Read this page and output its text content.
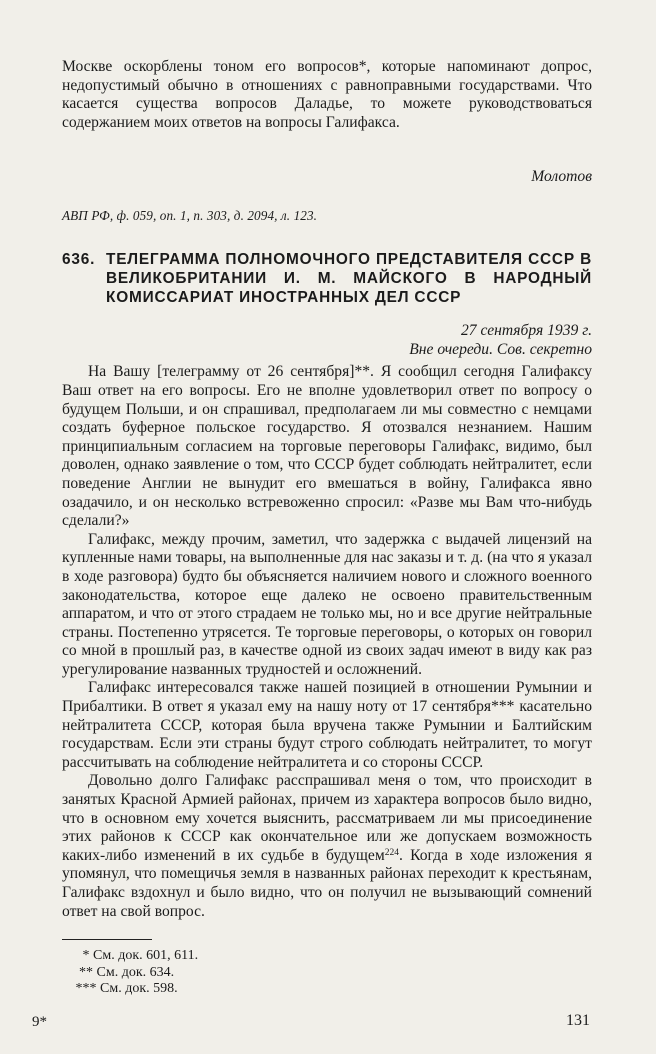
Москве оскорблены тоном его вопросов*, которые напоминают допрос, недопустимый обычно в отношениях с равноправными государствами. Что касается существа вопросов Даладье, то можете руководствоваться содержанием моих ответов на вопросы Галифакса.

Молотов

АВП РФ, ф. 059, оп. 1, п. 303, д. 2094, л. 123.
636. ТЕЛЕГРАММА ПОЛНОМОЧНОГО ПРЕДСТАВИТЕЛЯ СССР В ВЕЛИКОБРИТАНИИ И. М. МАЙСКОГО В НАРОДНЫЙ КОМИССАРИАТ ИНОСТРАННЫХ ДЕЛ СССР
27 сентября 1939 г.
Вне очереди. Сов. секретно

На Вашу [телеграмму от 26 сентября]**. Я сообщил сегодня Галифаксу Ваш ответ на его вопросы. Его не вполне удовлетворил ответ по вопросу о будущем Польши, и он спрашивал, предполагаем ли мы совместно с немцами создать буферное польское государство. Я отозвался незнанием. Нашим принципиальным согласием на торговые переговоры Галифакс, видимо, был доволен, однако заявление о том, что СССР будет соблюдать нейтралитет, если поведение Англии не вынудит его вмешаться в войну, Галифакса явно озадачило, и он несколько встревоженно спросил: «Разве мы Вам что-нибудь сделали?»

Галифакс, между прочим, заметил, что задержка с выдачей лицензий на купленные нами товары, на выполненные для нас заказы и т. д. (на что я указал в ходе разговора) будто бы объясняется наличием нового и сложного военного законодательства, которое еще далеко не освоено правительственным аппаратом, и что от этого страдаем не только мы, но и все другие нейтральные страны. Постепенно утрясется. Те торговые переговоры, о которых он говорил со мной в прошлый раз, в качестве одной из своих задач имеют в виду как раз урегулирование названных трудностей и осложнений.

Галифакс интересовался также нашей позицией в отношении Румынии и Прибалтики. В ответ я указал ему на нашу ноту от 17 сентября*** касательно нейтралитета СССР, которая была вручена также Румынии и Балтийским государствам. Если эти страны будут строго соблюдать нейтралитет, то могут рассчитывать на соблюдение нейтралитета и со стороны СССР.

Довольно долго Галифакс расспрашивал меня о том, что происходит в занятых Красной Армией районах, причем из характера вопросов было видно, что в основном ему хочется выяснить, рассматриваем ли мы присоединение этих районов к СССР как окончательное или же допускаем возможность каких-либо изменений в их судьбе в будущем$^{224}$. Когда в ходе изложения я упомянул, что помещичья земля в названных районах переходит к крестьянам, Галифакс вздохнул и было видно, что он получил не вызывающий сомнений ответ на свой вопрос.

* См. док. 601, 611.
** См. док. 634.
*** См. док. 598.
9*	131
